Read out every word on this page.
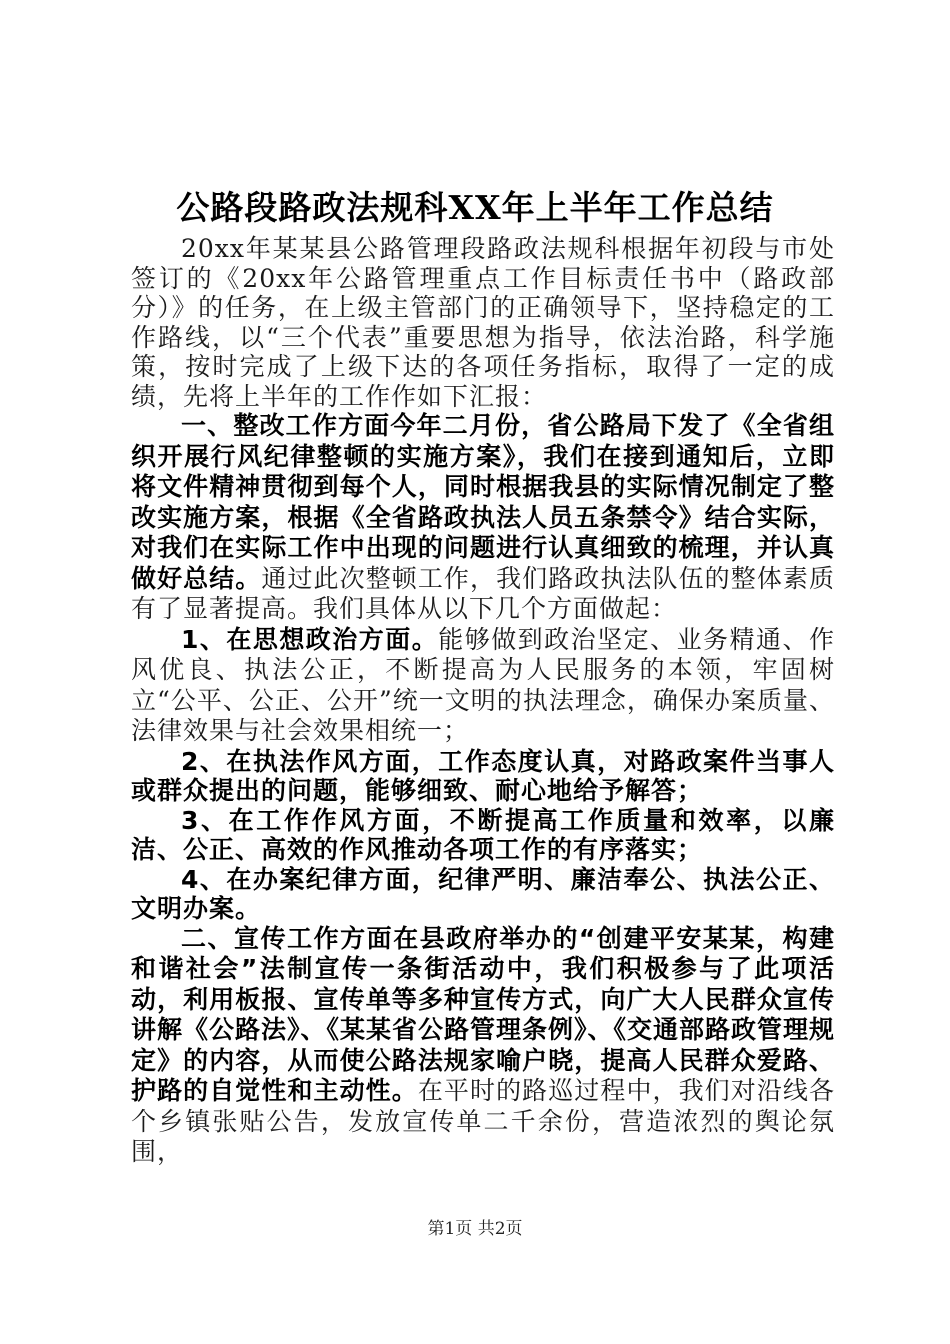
公路段路政法规科XX年上半年工作总结

20xx年某某县公路管理段路政法规科根据年初段与市处签订的《20xx年公路管理重点工作目标责任书中（路政部分）》的任务，在上级主管部门的正确领导下，坚持稳定的工作路线，以“三个代表”重要思想为指导，依法治路，科学施策，按时完成了上级下达的各项任务指标，取得了一定的成绩，先将上半年的工作作如下汇报：

一、整改工作方面今年二月份，省公路局下发了《全省组织开展行风纪律整顿的实施方案》，我们在接到通知后，立即将文件精神贯彻到每个人，同时根据我县的实际情况制定了整改实施方案，根据《全省路政执法人员五条禁令》结合实际，对我们在实际工作中出现的问题进行认真细致的梳理，并认真做好总结。通过此次整顿工作，我们路政执法队伍的整体素质有了显著提高。我们具体从以下几个方面做起：

1、在思想政治方面。能够做到政治坚定、业务精通、作风优良、执法公正，不断提高为人民服务的本领，牢固树立“公平、公正、公开”统一文明的执法理念，确保办案质量、法律效果与社会效果相统一；

2、在执法作风方面，工作态度认真，对路政案件当事人或群众提出的问题，能够细致、耐心地给予解答；

3、在工作作风方面，不断提高工作质量和效率，以廉洁、公正、高效的作风推动各项工作的有序落实；

4、在办案纪律方面，纪律严明、廉洁奉公、执法公正、文明办案。

二、宣传工作方面在县政府举办的“创建平安某某，构建和谐社会”法制宣传一条街活动中，我们积极参与了此项活动，利用板报、宣传单等多种宣传方式，向广大人民群众宣传讲解《公路法》、《某某省公路管理条例》、《交通部路政管理规定》的内容，从而使公路法规家喻户晓，提高人民群众爱路、护路的自觉性和主动性。在平时的路巡过程中，我们对沿线各个乡镇张贴公告，发放宣传单二千余份，营造浓烈的舆论氛围，

第1页 共2页
